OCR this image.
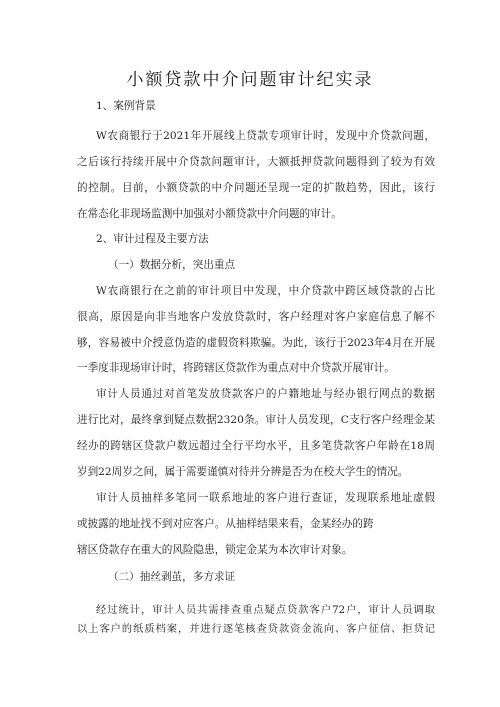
小额贷款中介问题审计纪实录
1、案例背景
W农商银行于2021年开展线上贷款专项审计时，发现中介贷款问题，
之后该行持续开展中介贷款问题审计，大额抵押贷款问题得到了较为有效
的控制。目前，小额贷款的中介问题还呈现一定的扩散趋势，因此，该行
在常态化非现场监测中加强对小额贷款中介问题的审计。
2、审计过程及主要方法
（一）数据分析，突出重点
W农商银行在之前的审计项目中发现，中介贷款中跨区域贷款的占比
很高，原因是向非当地客户发放贷款时，客户经理对客户家庭信息了解不
够，容易被中介授意伪造的虚假资料欺骗。为此，该行于2023年4月在开展
一季度非现场审计时，将跨辖区贷款作为重点对中介贷款开展审计。
审计人员通过对首笔发放贷款客户的户籍地址与经办银行网点的数据
进行比对，最终拿到疑点数据2320条。审计人员发现，C支行客户经理金某
经办的跨辖区贷款户数远超过全行平均水平，且多笔贷款客户年龄在18周
岁到22周岁之间，属于需要谨慎对待并分辨是否为在校大学生的情况。
审计人员抽样多笔同一联系地址的客户进行查证，发现联系地址虚假
或披露的地址找不到对应客户。从抽样结果来看，金某经办的跨
辖区贷款存在重大的风险隐患，锁定金某为本次审计对象。
（二）抽丝剥茧，多方求证
经过统计，审计人员共需排查重点疑点贷款客户72户，审计人员调取
以上客户的纸质档案，并进行逐笔核查贷款资金流向、客户征信、拒贷记
